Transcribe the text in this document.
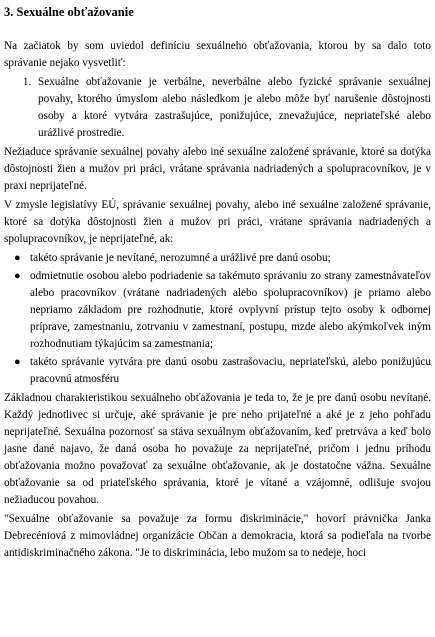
3. Sexuálne obťažovanie

Na začiatok by som uviedol definíciu sexuálneho obťažovania, ktorou by sa dalo toto správanie nejako vysvetliť:

1. Sexuálne obťažovanie je verbálne, neverbálne alebo fyzické správanie sexuálnej povahy, ktorého úmyslom alebo následkom je alebo môže byť narušenie dôstojnosti osoby a ktoré vytvára zastrašujúce, ponižujúce, znevažujúce, nepriateľské alebo urážlivé prostredie.

Nežiaduce správanie sexuálnej povahy alebo iné sexuálne založené správanie, ktoré sa dotýka dôstojnosti žien a mužov pri práci, vrátane správania nadriadených a spolupracovníkov, je v praxi neprijateľné.

V zmysle legislatívy EÚ, správanie sexuálnej povahy, alebo iné sexuálne založené správanie, ktoré sa dotýka dôstojnosti žien a mužov pri práci, vrátane správania nadriadených a spolupracovníkov, je neprijateľné, ak:

● takéto správanie je nevítané, nerozumné a urážlivé pre danú osobu;
● odmietnutie osobou alebo podriadenie sa takémuto správaniu zo strany zamestnávateľov alebo pracovníkov (vrátane nadriadených alebo spolupracovníkov) je priamo alebo nepriamo základom pre rozhodnutie, ktoré ovplyvní prístup tejto osoby k odbornej príprave, zamestnaniu, zotrvaniu v zamestnaní, postupu, mzde alebo akýmkoľvek iným rozhodnutiam týkajúcim sa zamestnania;
● takéto správanie vytvára pre danú osobu zastrašovaciu, nepriateľskú, alebo ponižujúcu pracovnú atmosféru

Základnou charakteristikou sexuálneho obťažovania je teda to, že je pre danú osobu nevítané. Každý jednotlivec si určuje, aké správanie je pre neho prijateľné a aké je z jeho pohľadu neprijateľné. Sexuálna pozornosť sa stáva sexuálnym obťažovaním, keď pretrváva a keď bolo jasne dané najavo, že daná osoba ho považuje za neprijateľné, pričom i jednu príhodu obťažovania možno považovať za sexuálne obťažovanie, ak je dostatočne vážna. Sexuálne obťažovanie sa od priateľského správania, ktoré je vítané a vzájomné, odlišuje svojou nežiaducou povahou.

"Sexuálne obťažovanie sa považuje za formu diskriminácie," hovorí právnička Janka Debrecéniová z mimovládnej organizácie Občan a demokracia, ktorá sa podieľala na tvorbe antidiskriminačného zákona. "Je to diskriminácia, lebo mužom sa to nedeje, hoci
